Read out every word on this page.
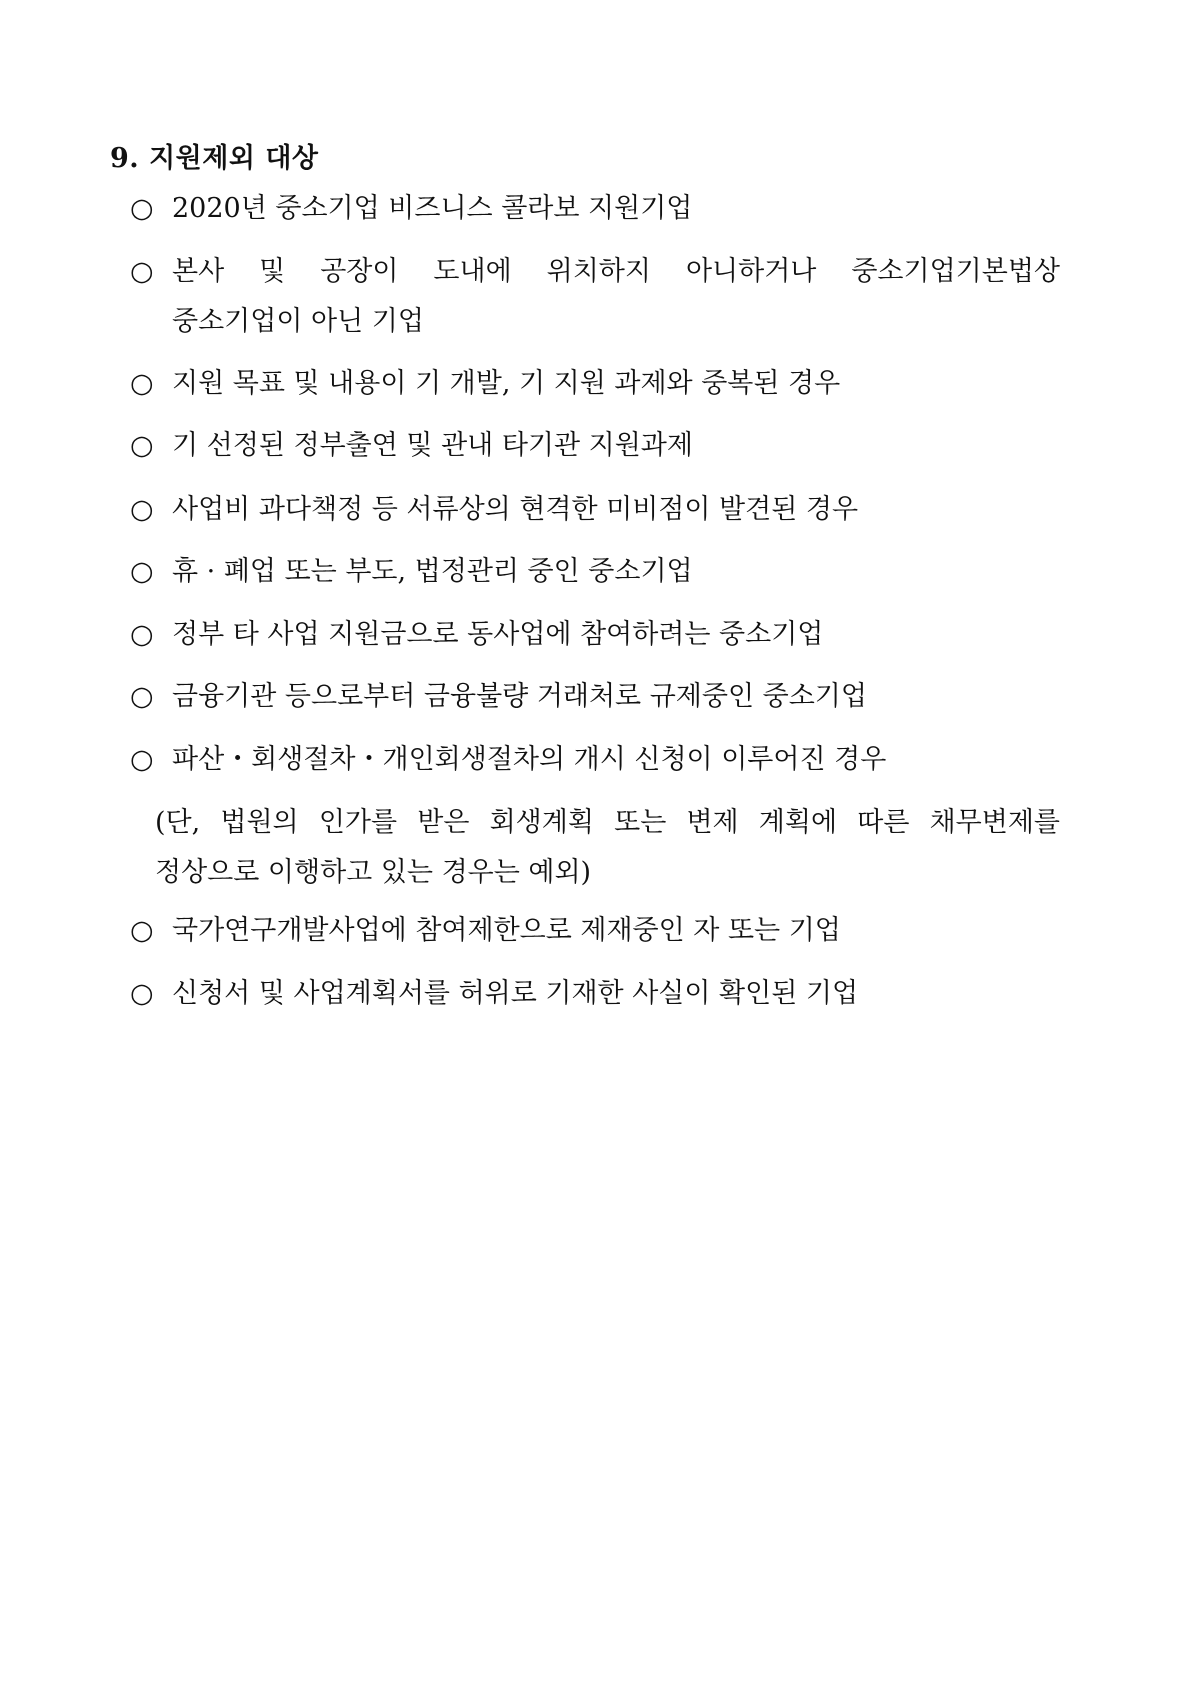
9. 지원제외 대상
○ 2020년 중소기업 비즈니스 콜라보 지원기업
○ 본사 및 공장이 도내에 위치하지 아니하거나 중소기업기본법상
중소기업이 아닌 기업
○ 지원 목표 및 내용이 기 개발, 기 지원 과제와 중복된 경우
○ 기 선정된 정부출연 및 관내 타기관 지원과제
○ 사업비 과다책정 등 서류상의 현격한 미비점이 발견된 경우
○ 휴 · 폐업 또는 부도, 법정관리 중인 중소기업
○ 정부 타 사업 지원금으로 동사업에 참여하려는 중소기업
○ 금융기관 등으로부터 금융불량 거래처로 규제중인 중소기업
○ 파산・회생절차・개인회생절차의 개시 신청이 이루어진 경우
(단, 법원의 인가를 받은 회생계획 또는 변제 계획에 따른 채무변제를
정상으로 이행하고 있는 경우는 예외)
○ 국가연구개발사업에 참여제한으로 제재중인 자 또는 기업
○ 신청서 및 사업계획서를 허위로 기재한 사실이 확인된 기업
